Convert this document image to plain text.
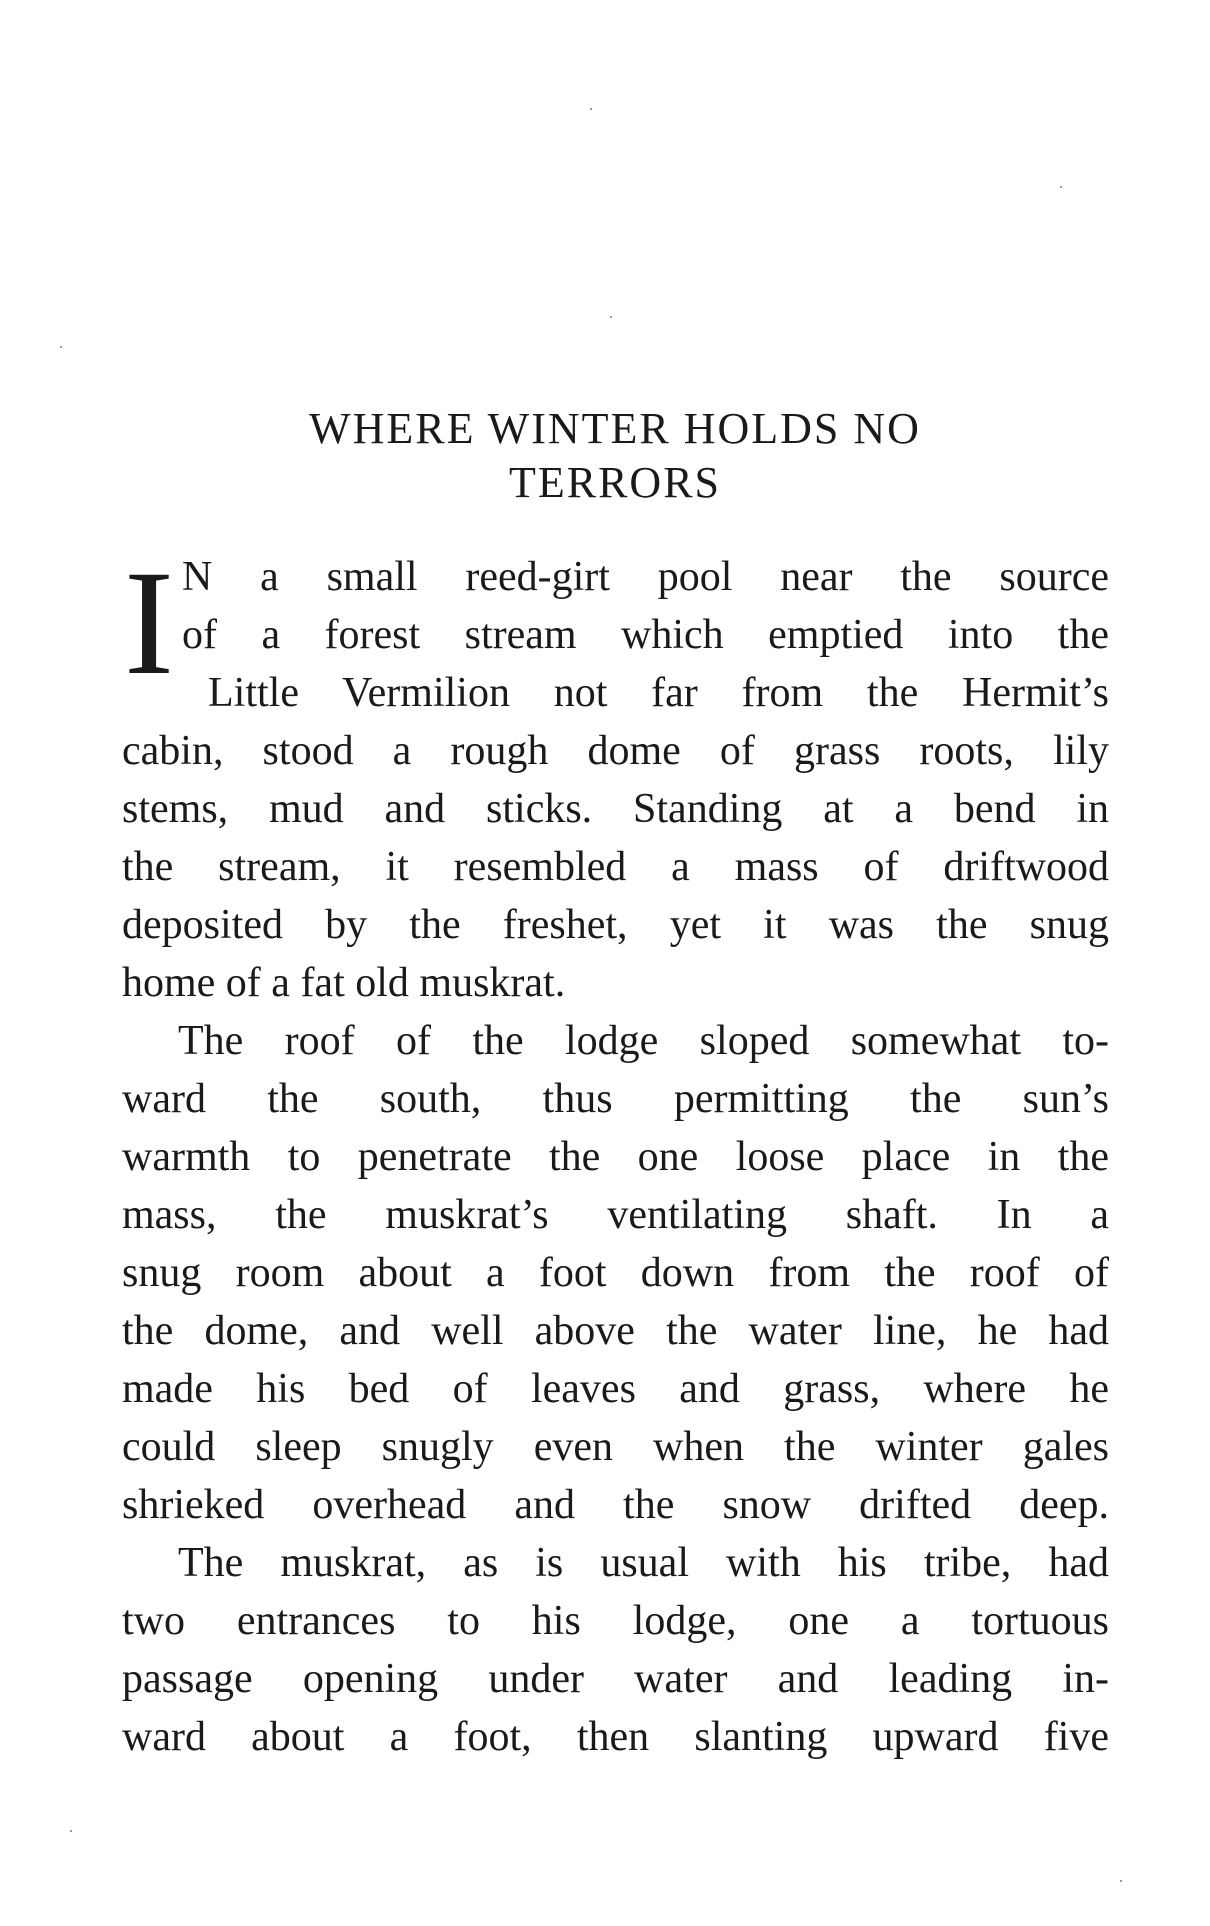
WHERE WINTER HOLDS NO
TERRORS
I N a small reed-girt pool near the source
of a forest stream which emptied into the
Little Vermilion not far from the Hermit’s
cabin, stood a rough dome of grass roots, lily
stems, mud and sticks. Standing at a bend in
the stream, it resembled a mass of driftwood
deposited by the freshet, yet it was the snug
home of a fat old muskrat.
The roof of the lodge sloped somewhat to-
ward the south, thus permitting the sun’s
warmth to penetrate the one loose place in the
mass, the muskrat’s ventilating shaft. In a
snug room about a foot down from the roof of
the dome, and well above the water line, he had
made his bed of leaves and grass, where he
could sleep snugly even when the winter gales
shrieked overhead and the snow drifted deep.
The muskrat, as is usual with his tribe, had
two entrances to his lodge, one a tortuous
passage opening under water and leading in-
ward about a foot, then slanting upward five
